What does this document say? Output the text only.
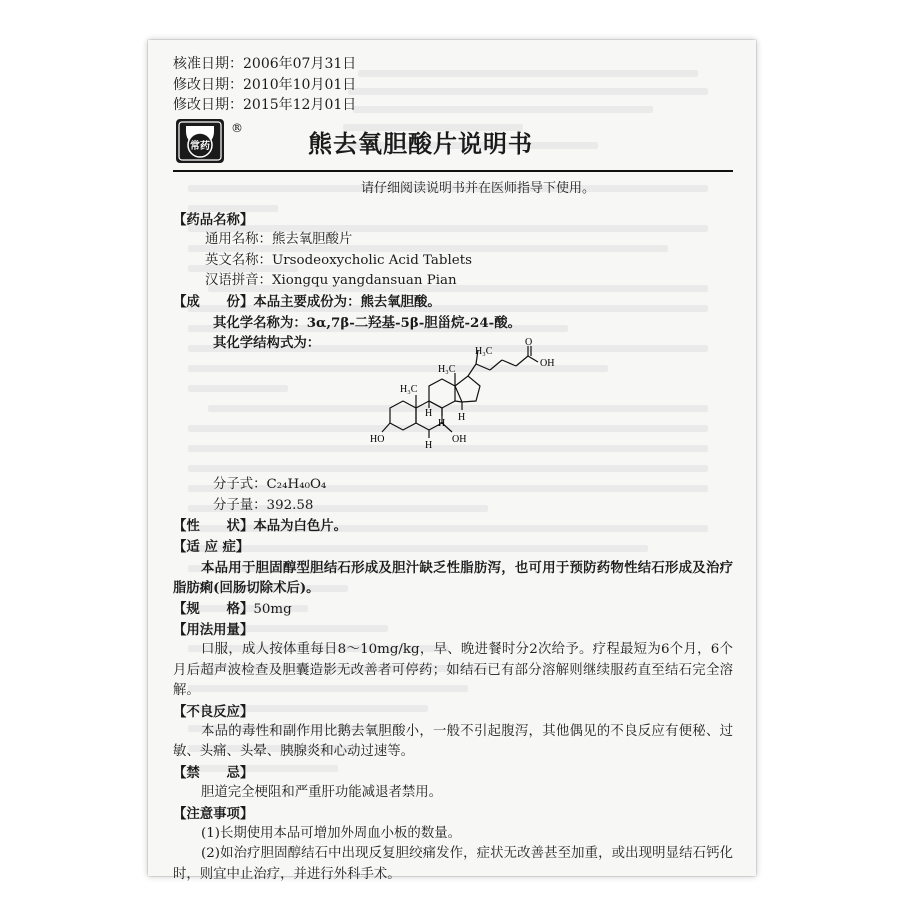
核准日期：2006年07月31日
修改日期：2010年10月01日
修改日期：2015年12月01日
常药
®
熊去氧胆酸片说明书
请仔细阅读说明书并在医师指导下使用。
【药品名称】
通用名称：熊去氧胆酸片
英文名称：Ursodeoxycholic Acid Tablets
汉语拼音：Xiongqu yangdansuan Pian
【成　　份】本品主要成份为：熊去氧胆酸。
其化学名称为：3α,7β-二羟基-5β-胆甾烷-24-酸。
其化学结构式为：	H₃C
H₃C
H₃C
O
OH
HO	OH
H
H
H	H
分子式：C₂₄H₄₀O₄
分子量：392.58
【性　　状】本品为白色片。
【适 应 症】
本品用于胆固醇型胆结石形成及胆汁缺乏性脂肪泻，也可用于预防药物性结石形成及治疗脂肪痢(回肠切除术后)。
【规　　格】50mg
【用法用量】
口服，成人按体重每日8～10mg/kg，早、晚进餐时分2次给予。疗程最短为6个月，6个月后超声波检查及胆囊造影无改善者可停药；如结石已有部分溶解则继续服药直至结石完全溶解。
【不良反应】
本品的毒性和副作用比鹅去氧胆酸小，一般不引起腹泻，其他偶见的不良反应有便秘、过敏、头痛、头晕、胰腺炎和心动过速等。
【禁　　忌】
胆道完全梗阻和严重肝功能减退者禁用。
【注意事项】
(1)长期使用本品可增加外周血小板的数量。
(2)如治疗胆固醇结石中出现反复胆绞痛发作，症状无改善甚至加重，或出现明显结石钙化时，则宜中止治疗，并进行外科手术。
